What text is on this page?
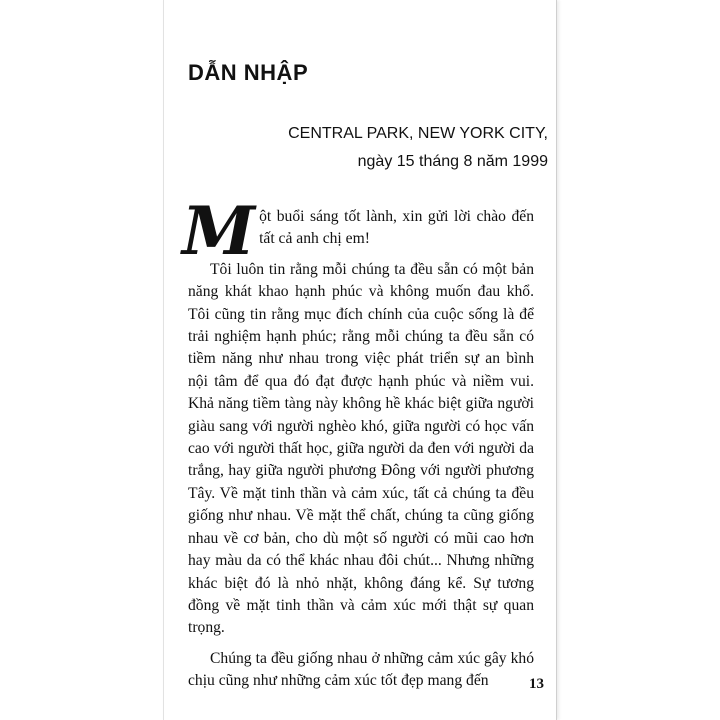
DẪN NHẬP
CENTRAL PARK, NEW YORK CITY,
ngày 15 tháng 8 năm 1999

Một buổi sáng tốt lành, xin gửi lời chào đến tất cả anh chị em!

Tôi luôn tin rằng mỗi chúng ta đều sẵn có một bản năng khát khao hạnh phúc và không muốn đau khổ. Tôi cũng tin rằng mục đích chính của cuộc sống là để trải nghiệm hạnh phúc; rằng mỗi chúng ta đều sẵn có tiềm năng như nhau trong việc phát triển sự an bình nội tâm để qua đó đạt được hạnh phúc và niềm vui. Khả năng tiềm tàng này không hề khác biệt giữa người giàu sang với người nghèo khó, giữa người có học vấn cao với người thất học, giữa người da đen với người da trắng, hay giữa người phương Đông với người phương Tây. Về mặt tinh thần và cảm xúc, tất cả chúng ta đều giống như nhau. Về mặt thể chất, chúng ta cũng giống nhau về cơ bản, cho dù một số người có mũi cao hơn hay màu da có thể khác nhau đôi chút... Nhưng những khác biệt đó là nhỏ nhặt, không đáng kể. Sự tương đồng về mặt tinh thần và cảm xúc mới thật sự quan trọng.

Chúng ta đều giống nhau ở những cảm xúc gây khó chịu cũng như những cảm xúc tốt đẹp mang đến	13
